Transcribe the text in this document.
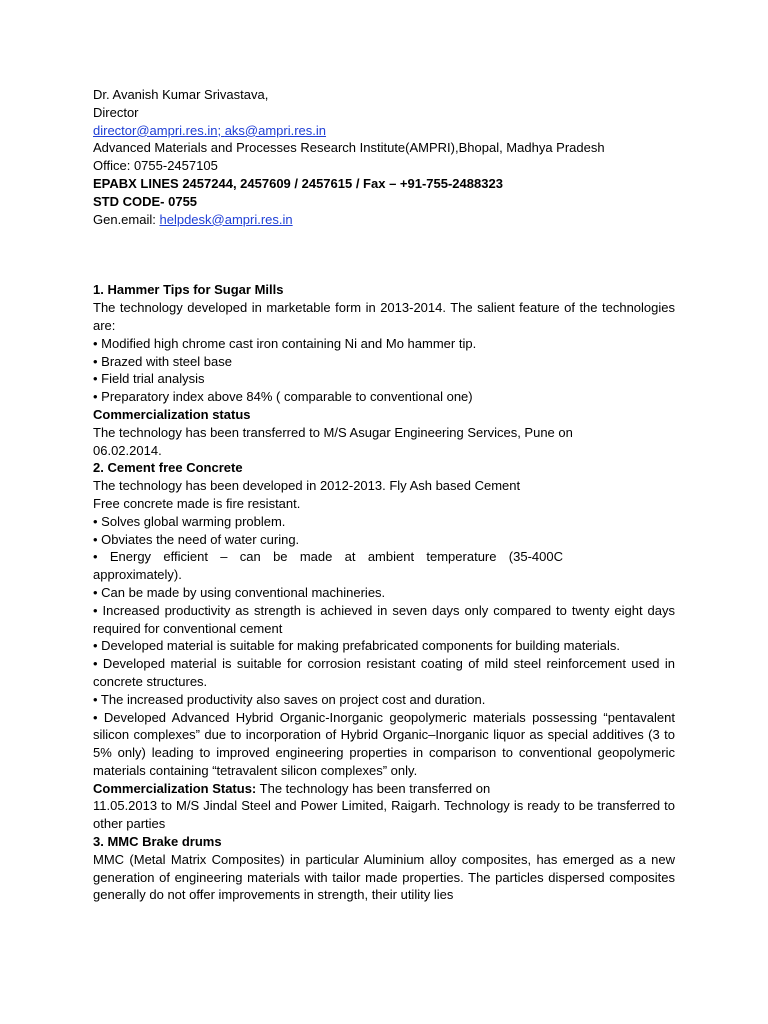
Dr. Avanish Kumar Srivastava,
Director
director@ampri.res.in; aks@ampri.res.in
Advanced Materials and Processes Research Institute(AMPRI),Bhopal, Madhya Pradesh
Office: 0755-2457105
EPABX LINES 2457244, 2457609 / 2457615 / Fax – +91-755-2488323
STD CODE- 0755
Gen.email: helpdesk@ampri.res.in
1. Hammer Tips for Sugar Mills
The technology developed in marketable form in 2013-2014. The salient feature of the technologies are:
• Modified high chrome cast iron containing Ni and Mo hammer tip.
• Brazed with steel base
• Field trial analysis
• Preparatory index above 84% ( comparable to conventional one)
Commercialization status
The technology has been transferred to M/S Asugar Engineering Services, Pune on 06.02.2014.
2. Cement free Concrete
The technology has been developed in 2012-2013. Fly Ash based Cement
Free concrete made is fire resistant.
• Solves global warming problem.
• Obviates the need of water curing.
• Energy efficient – can be made at ambient temperature (35-400C approximately).
• Can be made by using conventional machineries.
• Increased productivity as strength is achieved in seven days only compared to twenty eight days required for conventional cement
• Developed material is suitable for making prefabricated components for building materials.
• Developed material is suitable for corrosion resistant coating of mild steel reinforcement used in concrete structures.
• The increased productivity also saves on project cost and duration.
• Developed Advanced Hybrid Organic-Inorganic geopolymeric materials possessing “pentavalent silicon complexes” due to incorporation of Hybrid Organic–Inorganic liquor as special additives (3 to 5% only) leading to improved engineering properties in comparison to conventional geopolymeric materials containing “tetravalent silicon complexes” only.
Commercialization Status: The technology has been transferred on
11.05.2013 to M/S Jindal Steel and Power Limited, Raigarh. Technology is ready to be transferred to other parties
3. MMC Brake drums
MMC (Metal Matrix Composites) in particular Aluminium alloy composites, has emerged as a new generation of engineering materials with tailor made properties. The particles dispersed composites generally do not offer improvements in strength, their utility lies
